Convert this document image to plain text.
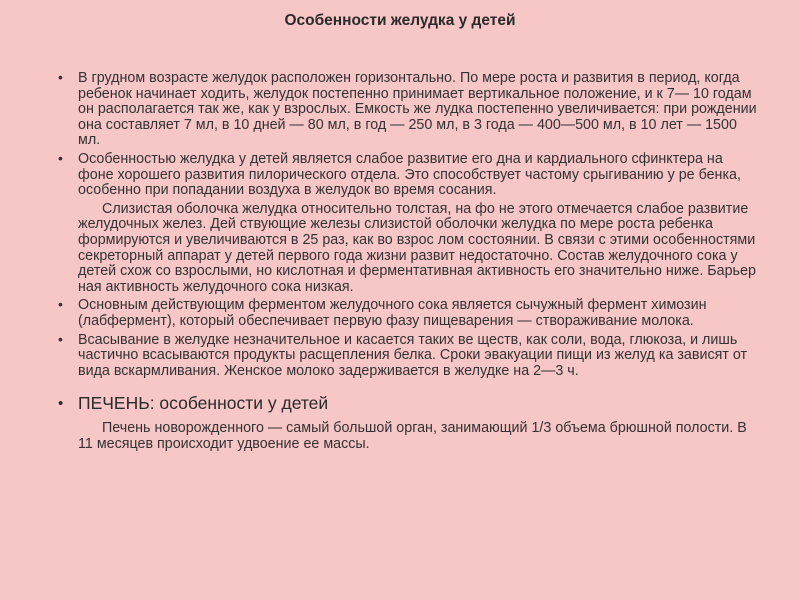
Особенности желудка у детей
• В грудном возрасте желудок расположен горизонтально. По мере роста и развития в период, когда ребенок начинает ходить, желудок постепенно принимает вертикальное положение, и к 7— 10 годам он располагается так же, как у взрослых. Емкость же лудка постепенно увеличивается: при рождении она составляет 7 мл, в 10 дней — 80 мл, в год — 250 мл, в 3 года — 400—500 мл, в 10 лет — 1500 мл.
• Особенностью желудка у детей является слабое развитие его дна и кардиального сфинктера на фоне хорошего развития пилорического отдела. Это способствует частому срыгиванию у ре бенка, особенно при попадании воздуха в желудок во время сосания.
Слизистая оболочка желудка относительно толстая, на фо не этого отмечается слабое развитие желудочных желез. Дей ствующие железы слизистой оболочки желудка по мере роста ребенка формируются и увеличиваются в 25 раз, как во взрос лом состоянии. В связи с этими особенностями секреторный аппарат у детей первого года жизни развит недостаточно. Состав желудочного сока у детей схож со взрослыми, но кислотная и ферментативная активность его значительно ниже. Барьер ная активность желудочного сока низкая.
• Основным действующим ферментом желудочного сока является сычужный фермент химозин (лабфермент), который обеспечивает первую фазу пищеварения — створаживание молока.
• Всасывание в желудке незначительное и касается таких ве ществ, как соли, вода, глюкоза, и лишь частично всасываются продукты расщепления белка. Сроки эвакуации пищи из желуд ка зависят от вида вскармливания. Женское молоко задерживается в желудке на 2—3 ч.
• ПЕЧЕНЬ: особенности у детей
Печень новорожденного — самый большой орган, занимающий 1/3 объема брюшной полости. В 11 месяцев происходит удвоение ее массы.
